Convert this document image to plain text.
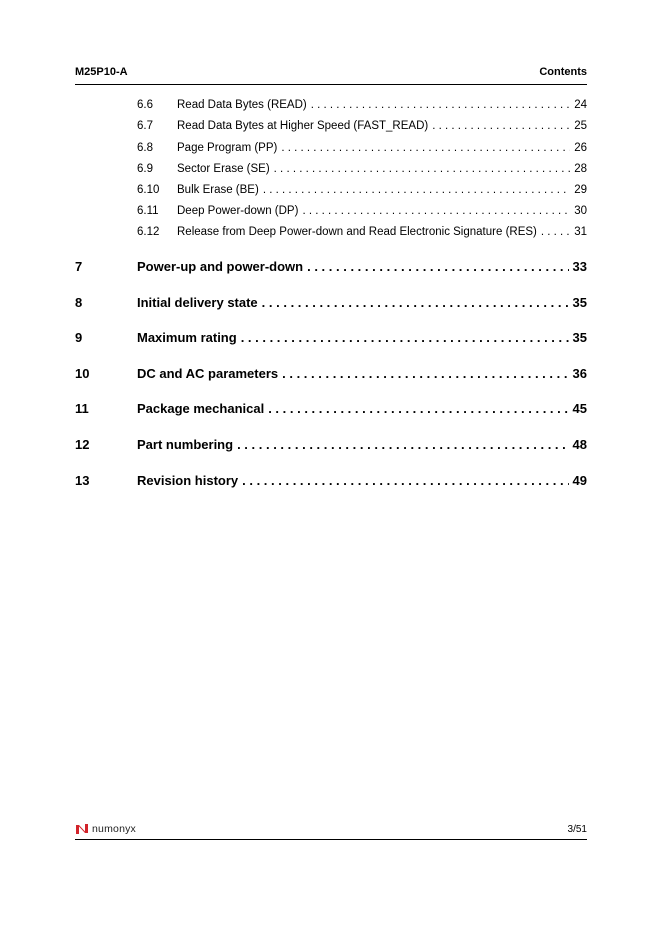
M25P10-A	Contents
6.6	Read Data Bytes (READ) . . .	24
6.7	Read Data Bytes at Higher Speed (FAST_READ) . . .	25
6.8	Page Program (PP) . . .	26
6.9	Sector Erase (SE) . . .	28
6.10	Bulk Erase (BE) . . .	29
6.11	Deep Power-down (DP) . . .	30
6.12	Release from Deep Power-down and Read Electronic Signature (RES) . . .	31
7	Power-up and power-down . . .	33
8	Initial delivery state . . .	35
9	Maximum rating . . .	35
10	DC and AC parameters . . .	36
11	Package mechanical . . .	45
12	Part numbering . . .	48
13	Revision history . . .	49
numonyx	3/51
